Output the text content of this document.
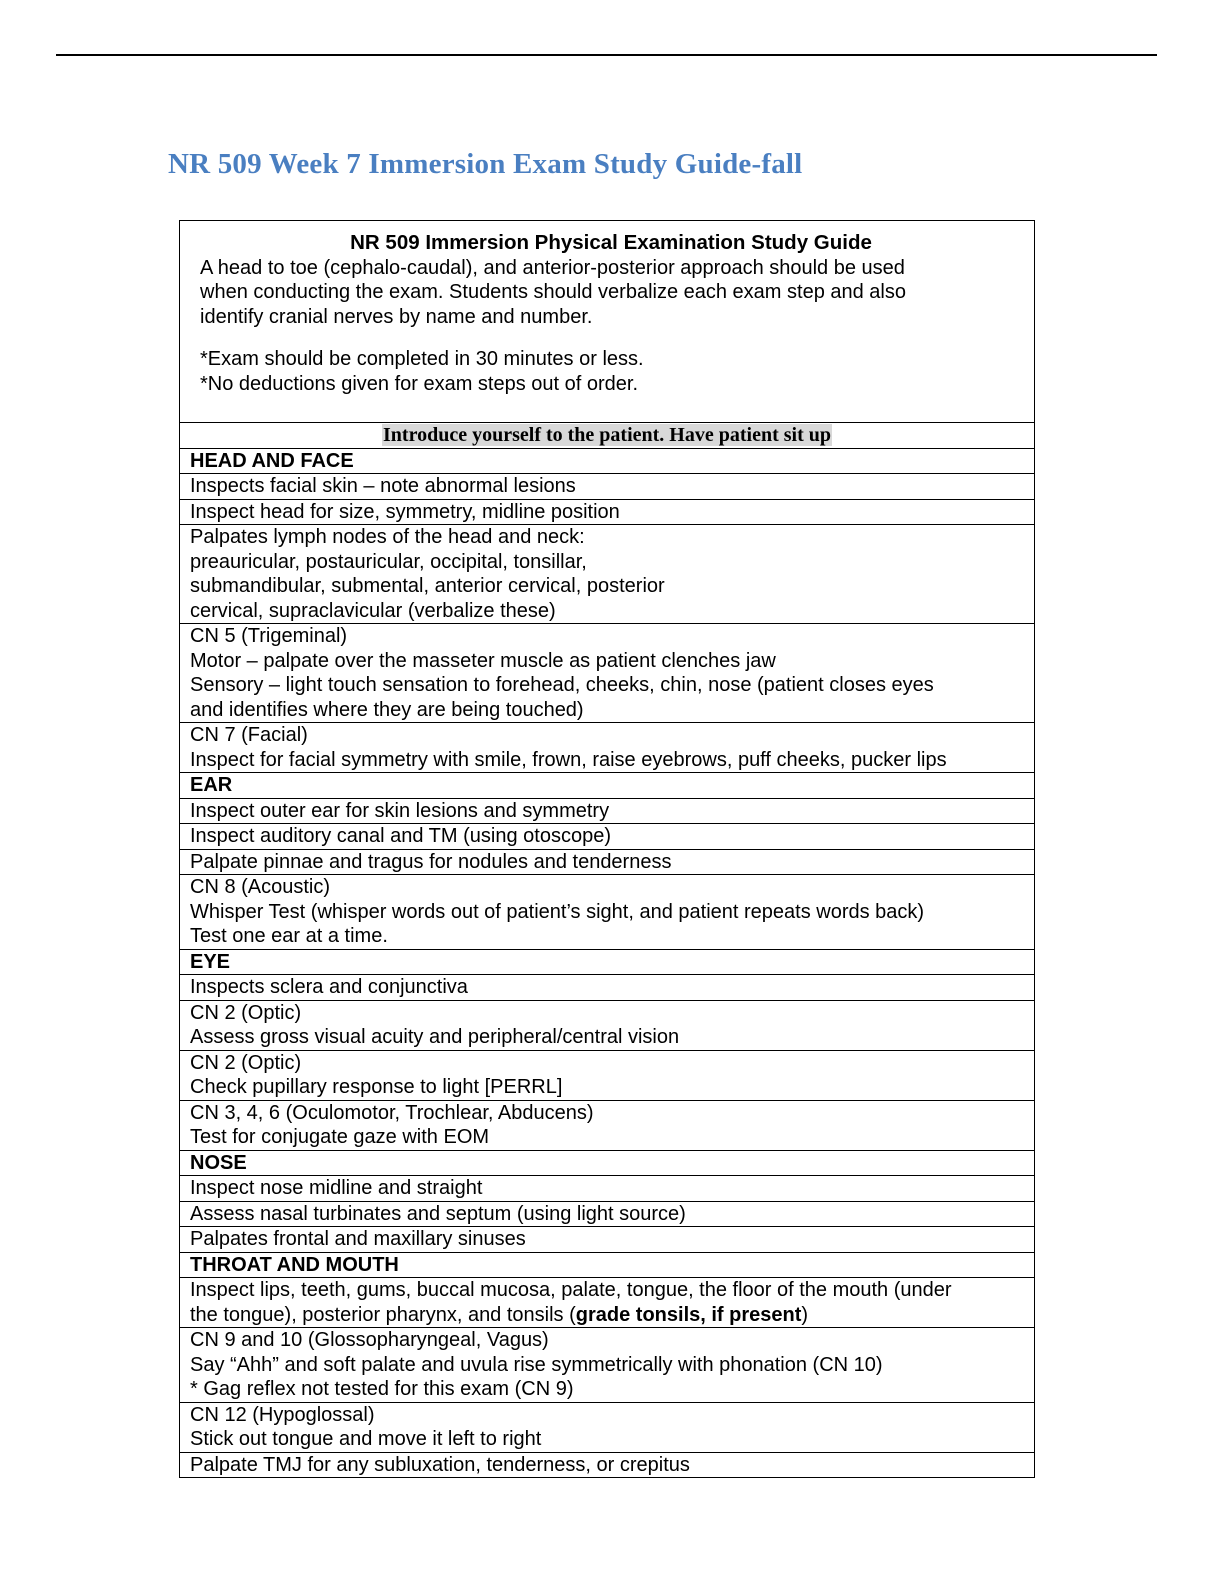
NR 509 Week 7 Immersion Exam Study Guide-fall
NR 509 Immersion Physical Examination Study Guide

A head to toe (cephalo-caudal), and anterior-posterior approach should be used

when conducting the exam. Students should verbalize each exam step and also

identify cranial nerves by name and number.

*Exam should be completed in 30 minutes or less.

*No deductions given for exam steps out of order.

Introduce yourself to the patient. Have patient sit up
HEAD AND FACE

Inspects facial skin – note abnormal lesions

Inspect head for size, symmetry, midline position

Palpates lymph nodes of the head and neck:
preauricular, postauricular, occipital, tonsillar,
submandibular, submental, anterior cervical, posterior
cervical, supraclavicular (verbalize these)

CN 5 (Trigeminal)
Motor – palpate over the masseter muscle as patient clenches jaw
Sensory – light touch sensation to forehead, cheeks, chin, nose (patient closes eyes
and identifies where they are being touched)

CN 7 (Facial)
Inspect for facial symmetry with smile, frown, raise eyebrows, puff cheeks, pucker lips

EAR

Inspect outer ear for skin lesions and symmetry

Inspect auditory canal and TM (using otoscope)

Palpate pinnae and tragus for nodules and tenderness

CN 8 (Acoustic)
Whisper Test (whisper words out of patient’s sight, and patient repeats words back)
Test one ear at a time.

EYE

Inspects sclera and conjunctiva

CN 2 (Optic)
Assess gross visual acuity and peripheral/central vision

CN 2 (Optic)
Check pupillary response to light [PERRL]

CN 3, 4, 6 (Oculomotor, Trochlear, Abducens)
Test for conjugate gaze with EOM

NOSE

Inspect nose midline and straight

Assess nasal turbinates and septum (using light source)

Palpates frontal and maxillary sinuses

THROAT AND MOUTH

Inspect lips, teeth, gums, buccal mucosa, palate, tongue, the floor of the mouth (under
the tongue), posterior pharynx, and tonsils (grade tonsils, if present)

CN 9 and 10 (Glossopharyngeal, Vagus)
Say “Ahh” and soft palate and uvula rise symmetrically with phonation (CN 10)
* Gag reflex not tested for this exam (CN 9)

CN 12 (Hypoglossal)
Stick out tongue and move it left to right

Palpate TMJ for any subluxation, tenderness, or crepitus
